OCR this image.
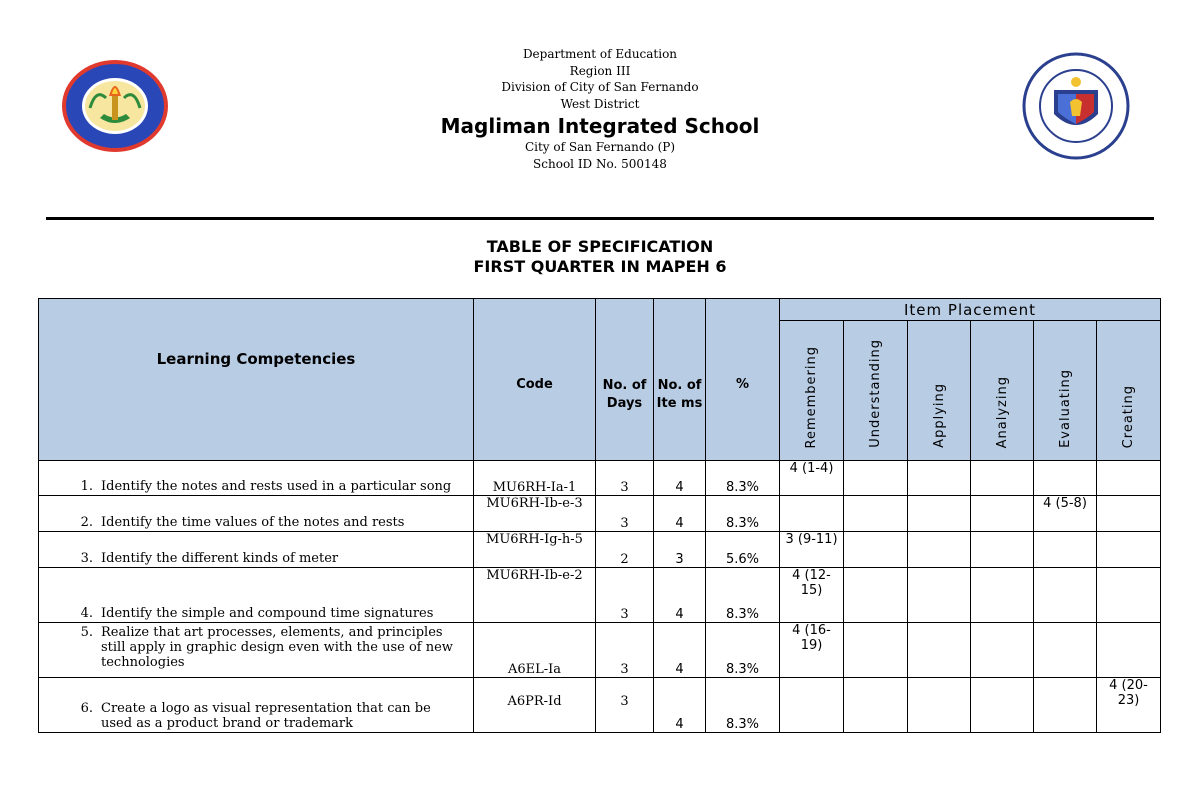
Department of Education
Region III
Division of City of San Fernando
West District
Magliman Integrated School
City of San Fernando (P)
School ID No. 500148
TABLE OF SPECIFICATION
FIRST QUARTER IN MAPEH 6
Learning Competencies	Code	No. of Days	No. of Ite ms	%	Item Placement					
					Remembering	Understanding	Applying	Analyzing	Evaluating	Creating

1. Identify the notes and rests used in a particular song	MU6RH-Ia-1	3	4	8.3%	4 (1-4)					

2. Identify the time values of the notes and rests	MU6RH-Ib-e-3	3	4	8.3%					4 (5-8)	

3. Identify the different kinds of meter	MU6RH-Ig-h-5	2	3	5.6%	3 (9-11)					

4. Identify the simple and compound time signatures	MU6RH-Ib-e-2	3	4	8.3%	4 (12-15)					

5. Realize that art processes, elements, and principles still apply in graphic design even with the use of new technologies	A6EL-Ia	3	4	8.3%	4 (16-19)					

6. Create a logo as visual representation that can be used as a product brand or trademark	A6PR-Id	3	4	8.3%						4 (20-23)
